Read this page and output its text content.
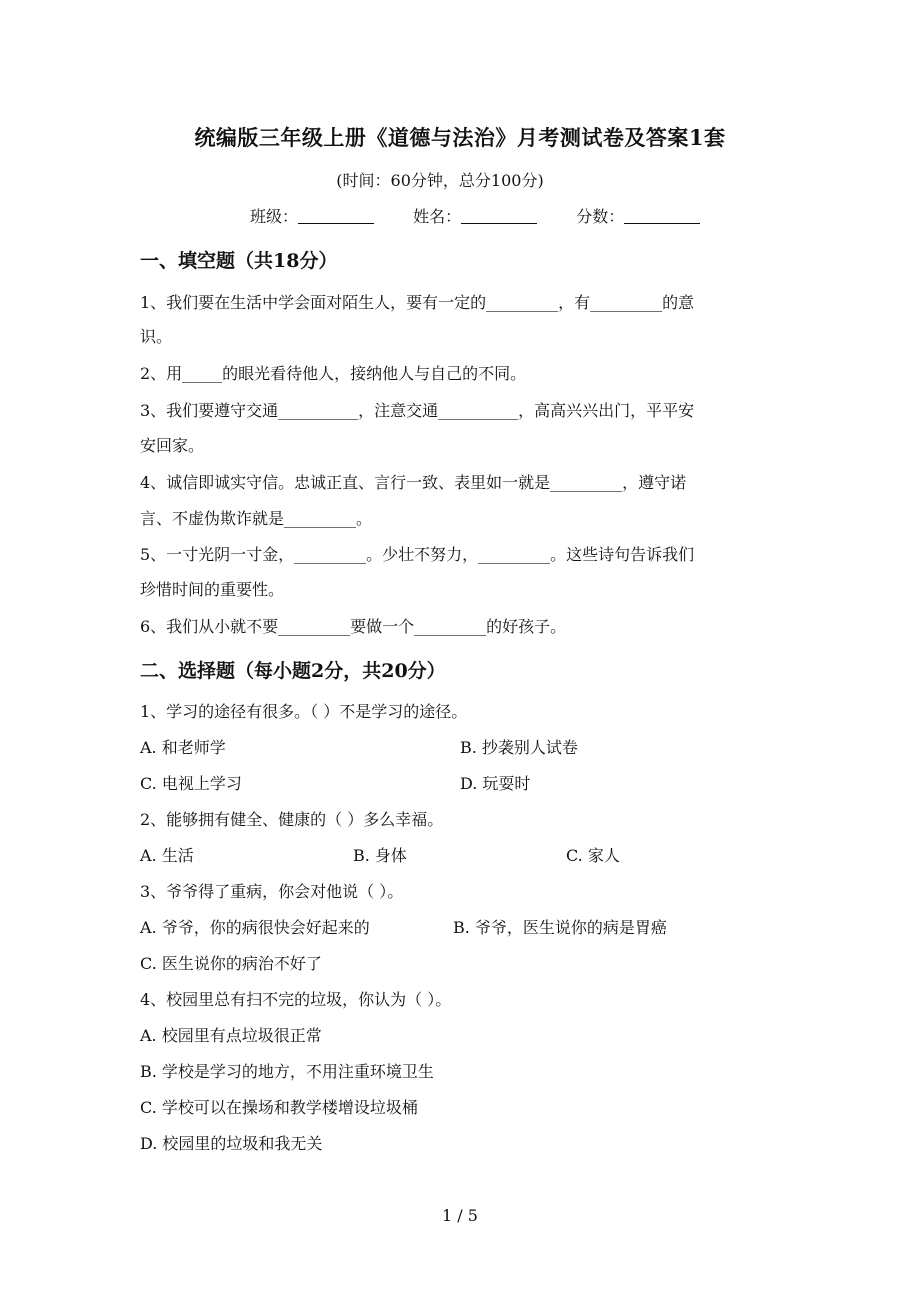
统编版三年级上册《道德与法治》月考测试卷及答案1套
(时间：60分钟，总分100分)
班级：	姓名：	分数：
一、填空题（共18分）
1、我们要在生活中学会面对陌生人，要有一定的_________，有_________的意
识。
2、用_____的眼光看待他人，接纳他人与自己的不同。
3、我们要遵守交通__________，注意交通__________，高高兴兴出门，平平安
安回家。
4、诚信即诚实守信。忠诚正直、言行一致、表里如一就是_________，遵守诺
言、不虚伪欺诈就是_________。
5、一寸光阴一寸金，_________。少壮不努力，_________。这些诗句告诉我们
珍惜时间的重要性。
6、我们从小就不要_________要做一个_________的好孩子。
二、选择题（每小题2分，共20分）
1、学习的途径有很多。（ ）不是学习的途径。
A. 和老师学	B. 抄袭别人试卷
C. 电视上学习	D. 玩耍时
2、能够拥有健全、健康的（ ）多么幸福。
A. 生活	B. 身体	C. 家人
3、爷爷得了重病，你会对他说（ ）。
A. 爷爷，你的病很快会好起来的	B. 爷爷，医生说你的病是胃癌
C. 医生说你的病治不好了
4、校园里总有扫不完的垃圾，你认为（ ）。
A. 校园里有点垃圾很正常
B. 学校是学习的地方，不用注重环境卫生
C. 学校可以在操场和教学楼增设垃圾桶
D. 校园里的垃圾和我无关
1 / 5
